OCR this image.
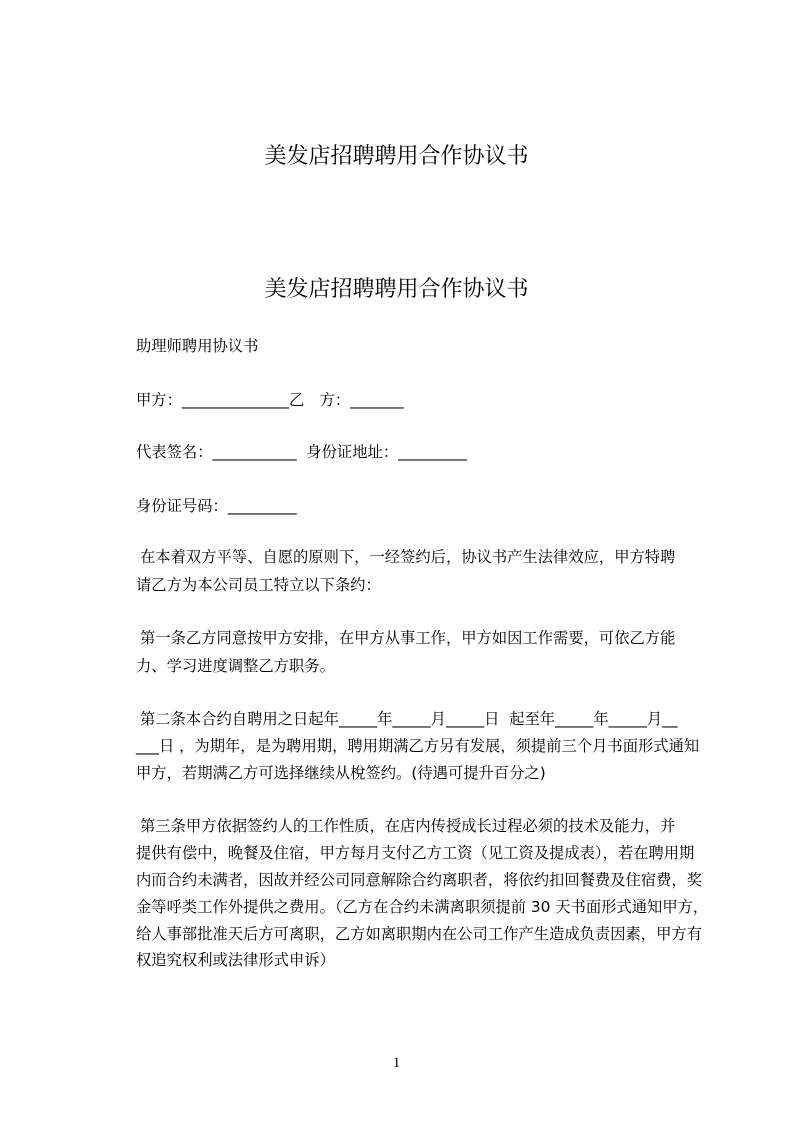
美发店招聘聘用合作协议书
美发店招聘聘用合作协议书
助理师聘用协议书
甲方：______________乙　方：_______
代表签名：___________  身份证地址：_________
身份证号码：_________
在本着双方平等、自愿的原则下，一经签约后，协议书产生法律效应，甲方特聘
请乙方为本公司员工特立以下条约：
第一条乙方同意按甲方安排，在甲方从事工作，甲方如因工作需要，可依乙方能
力、学习进度调整乙方职务。
第二条本合约自聘用之日起年_____年_____月_____日  起至年_____年_____月__
___日 ，为期年，是为聘用期，聘用期满乙方另有发展，须提前三个月书面形式通知
甲方，若期满乙方可选择继续从梲签约。(待遇可提升百分之)
第三条甲方依据签约人的工作性质，在店内传授成长过程必须的技术及能力，并
提供有偿中，晚餐及住宿，甲方每月支付乙方工资（见工资及提成表），若在聘用期
内而合约未满者，因故并经公司同意解除合约离职者，将依约扣回餐费及住宿费，奖
金等呼类工作外提供之费用。（乙方在合约未满离职须提前 30 天书面形式通知甲方，
给人事部批准天后方可离职，乙方如离职期内在公司工作产生造成负责因素，甲方有
权追究权利或法律形式申诉）
1
